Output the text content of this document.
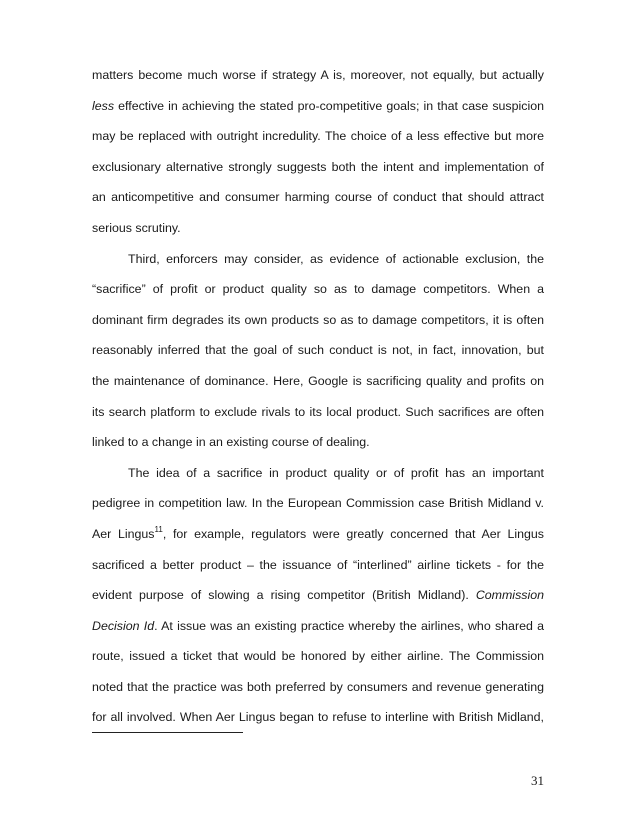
matters become much worse if strategy A is, moreover, not equally, but actually
less effective in achieving the stated pro-competitive goals; in that case suspicion
may be replaced with outright incredulity. The choice of a less effective but more
exclusionary alternative strongly suggests both the intent and implementation of
an anticompetitive and consumer harming course of conduct that should attract
serious scrutiny.
Third, enforcers may consider, as evidence of actionable exclusion, the
“sacrifice” of profit or product quality so as to damage competitors. When a
dominant firm degrades its own products so as to damage competitors, it is often
reasonably inferred that the goal of such conduct is not, in fact, innovation, but
the maintenance of dominance. Here, Google is sacrificing quality and profits on
its search platform to exclude rivals to its local product. Such sacrifices are often
linked to a change in an existing course of dealing.
The idea of a sacrifice in product quality or of profit has an important
pedigree in competition law. In the European Commission case British Midland v.
Aer Lingus$^{11}$, for example, regulators were greatly concerned that Aer Lingus
sacrificed a better product – the issuance of “interlined” airline tickets - for the
evident purpose of slowing a rising competitor (British Midland). Commission
Decision Id. At issue was an existing practice whereby the airlines, who shared a
route, issued a ticket that would be honored by either airline. The Commission
noted that the practice was both preferred by consumers and revenue generating
for all involved. When Aer Lingus began to refuse to interline with British Midland,
31
